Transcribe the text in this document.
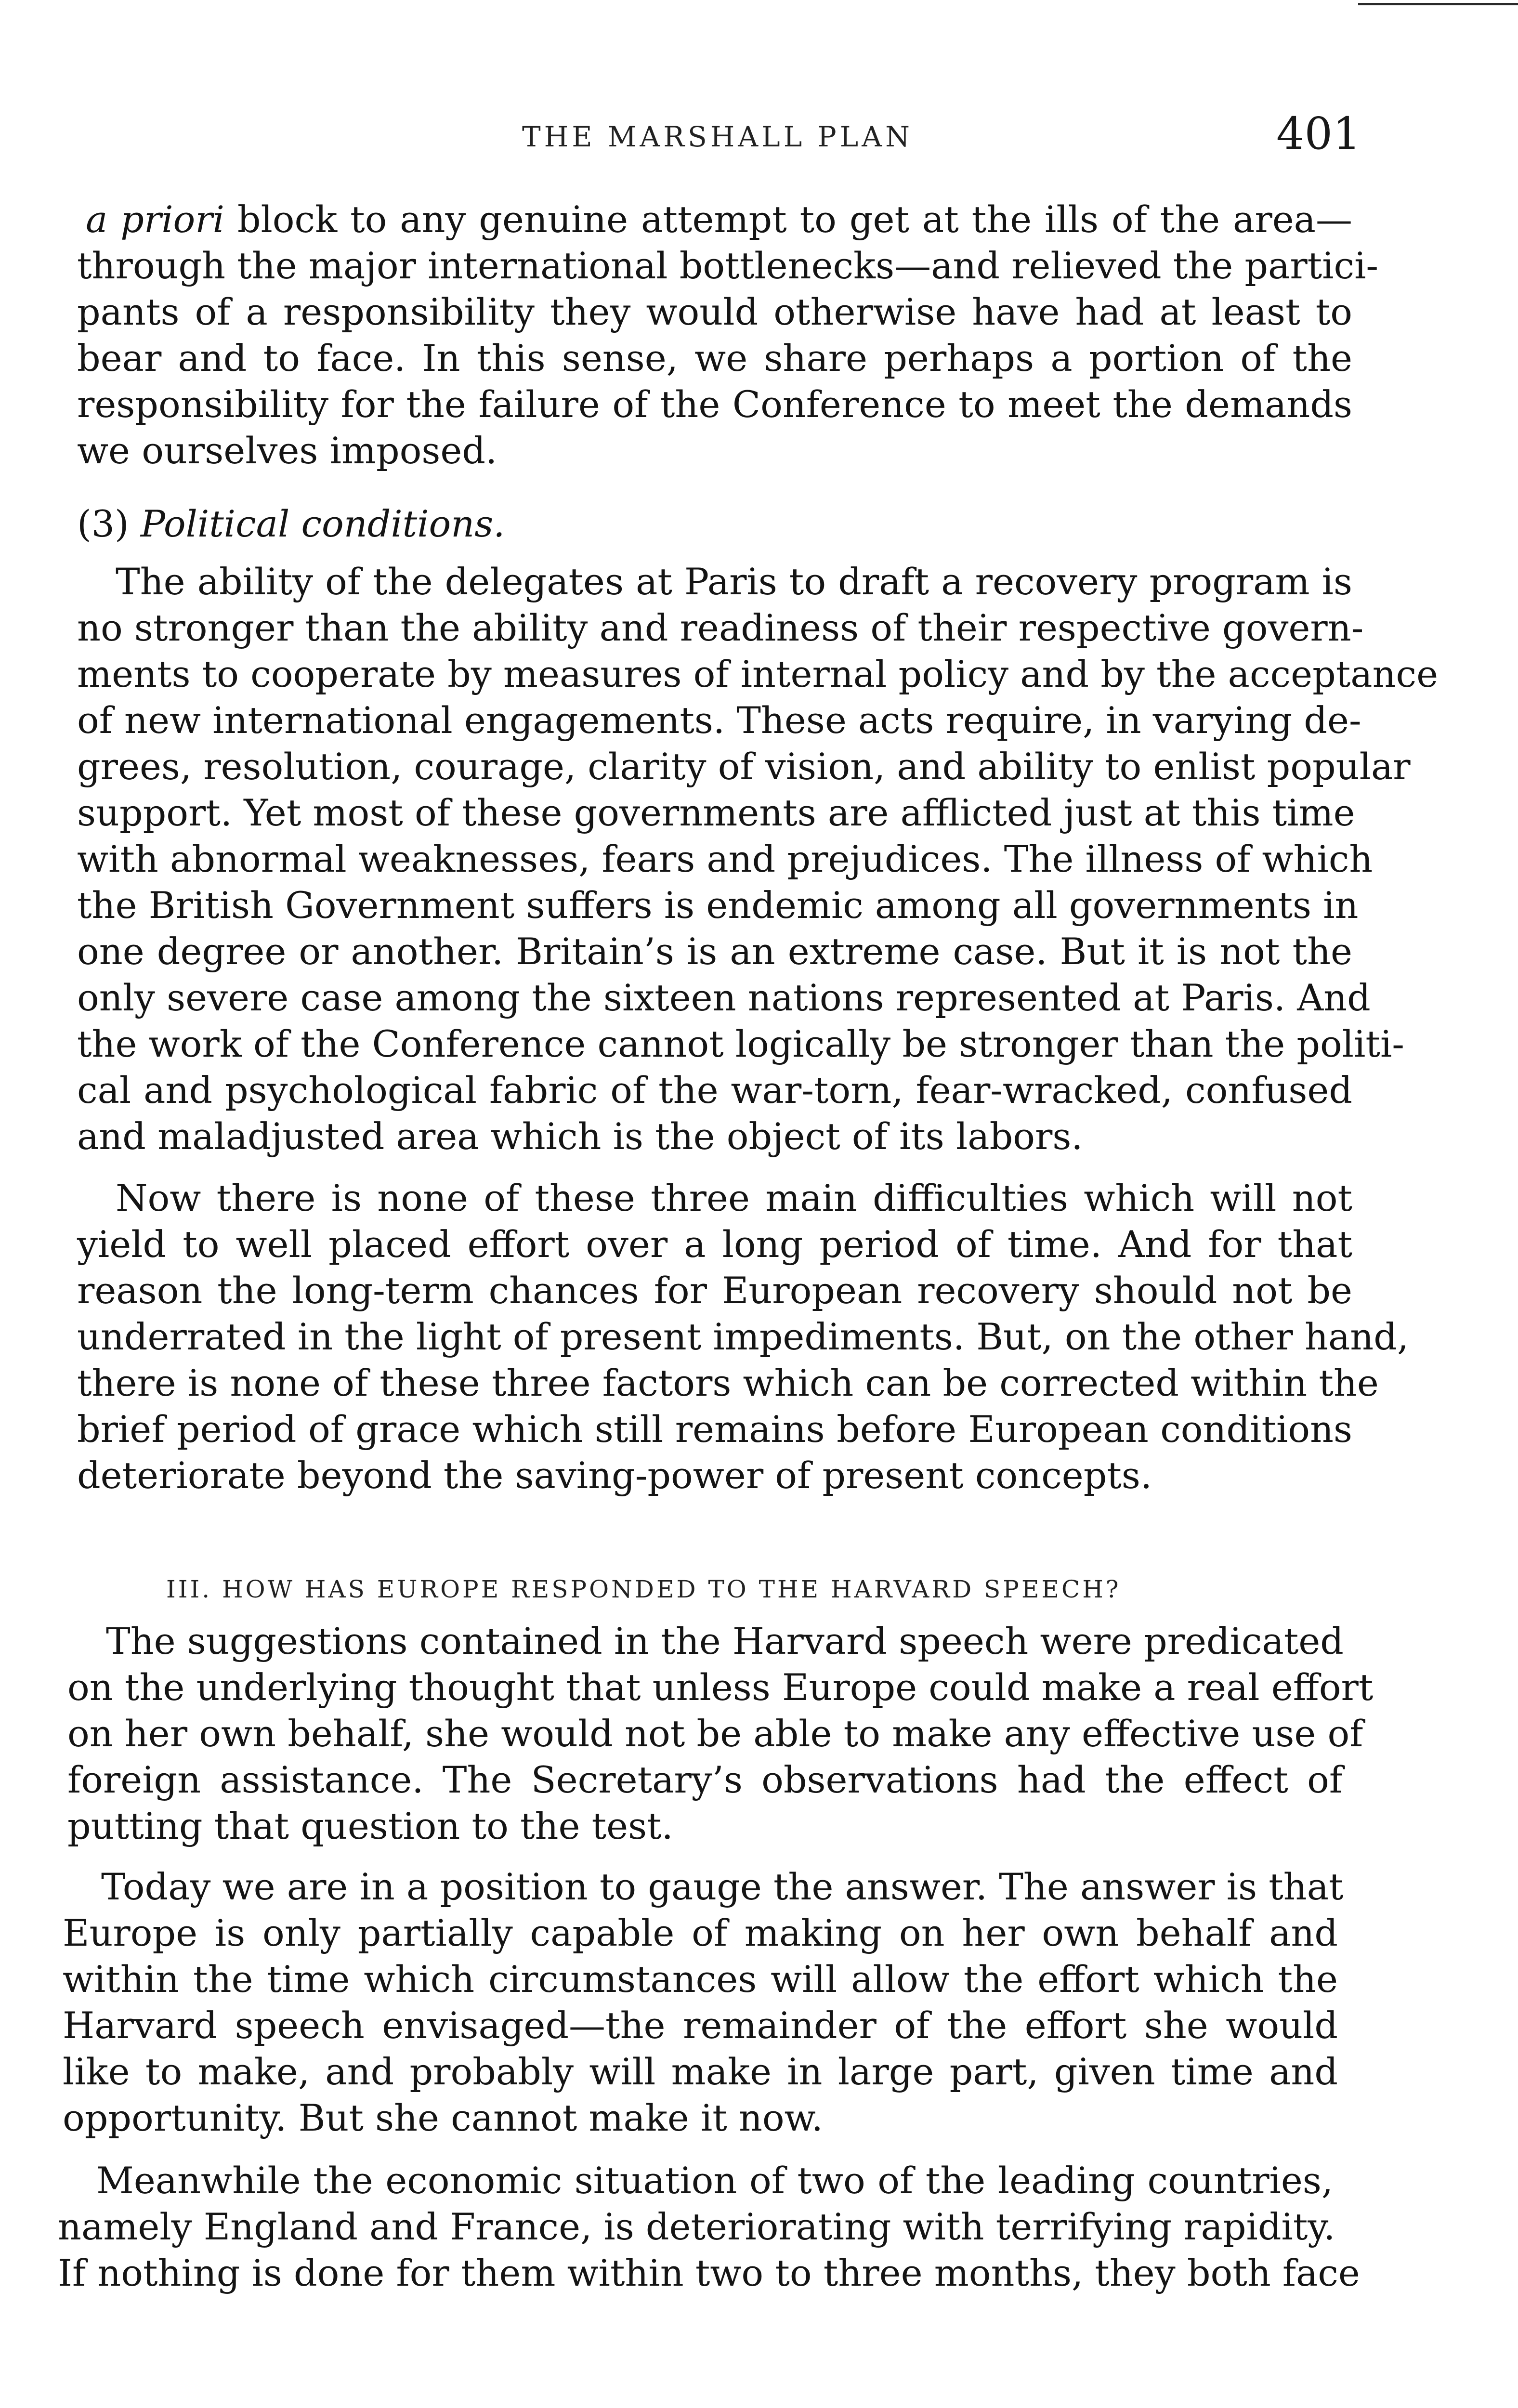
THE MARSHALL PLAN	401
a priori block to any genuine attempt to get at the ills of the area—
through the major international bottlenecks—and relieved the partici-
pants of a responsibility they would otherwise have had at least to
bear and to face. In this sense, we share perhaps a portion of the
responsibility for the failure of the Conference to meet the demands
we ourselves imposed.
(3) Political conditions.
The ability of the delegates at Paris to draft a recovery program is
no stronger than the ability and readiness of their respective govern-
ments to cooperate by measures of internal policy and by the acceptance
of new international engagements. These acts require, in varying de-
grees, resolution, courage, clarity of vision, and ability to enlist popular
support. Yet most of these governments are afflicted just at this time
with abnormal weaknesses, fears and prejudices. The illness of which
the British Government suffers is endemic among all governments in
one degree or another. Britain’s is an extreme case. But it is not the
only severe case among the sixteen nations represented at Paris. And
the work of the Conference cannot logically be stronger than the politi-
cal and psychological fabric of the war-torn, fear-wracked, confused
and maladjusted area which is the object of its labors.
Now there is none of these three main difficulties which will not
yield to well placed effort over a long period of time. And for that
reason the long-term chances for European recovery should not be
underrated in the light of present impediments. But, on the other hand,
there is none of these three factors which can be corrected within the
brief period of grace which still remains before European conditions
deteriorate beyond the saving-power of present concepts.
III. HOW HAS EUROPE RESPONDED TO THE HARVARD SPEECH?
The suggestions contained in the Harvard speech were predicated
on the underlying thought that unless Europe could make a real effort
on her own behalf, she would not be able to make any effective use of
foreign assistance. The Secretary’s observations had the effect of
putting that question to the test.
Today we are in a position to gauge the answer. The answer is that
Europe is only partially capable of making on her own behalf and
within the time which circumstances will allow the effort which the
Harvard speech envisaged—the remainder of the effort she would
like to make, and probably will make in large part, given time and
opportunity. But she cannot make it now.
Meanwhile the economic situation of two of the leading countries,
namely England and France, is deteriorating with terrifying rapidity.
If nothing is done for them within two to three months, they both face
